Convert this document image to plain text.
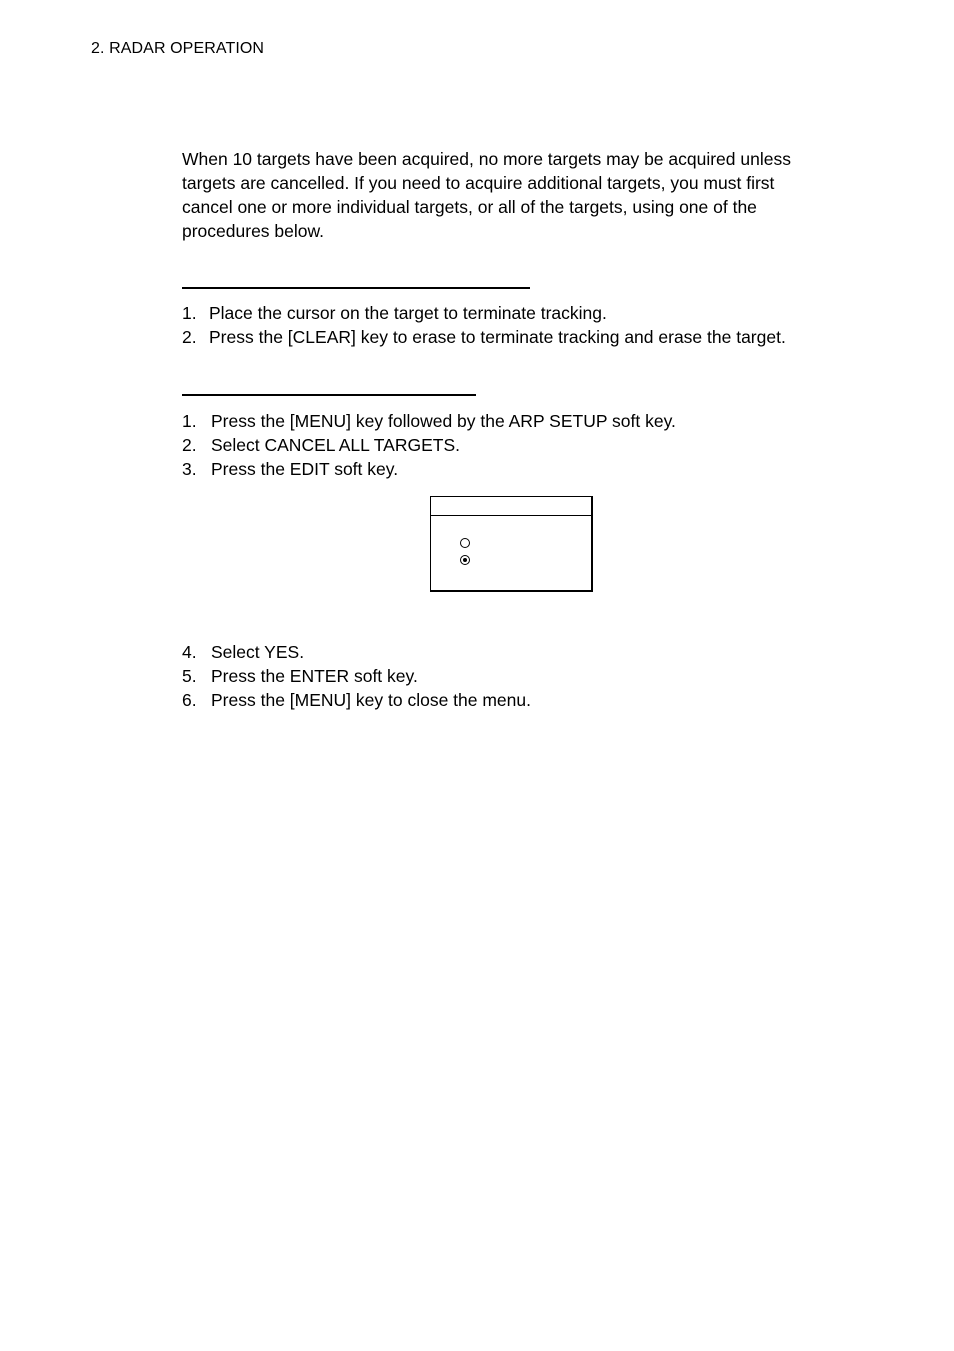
2. RADAR OPERATION

When 10 targets have been acquired, no more targets may be acquired unless
targets are cancelled. If you need to acquire additional targets, you must first
cancel one or more individual targets, or all of the targets, using one of the
procedures below.

1. Place the cursor on the target to terminate tracking.
2. Press the [CLEAR] key to erase to terminate tracking and erase the target.
1. Press the [MENU] key followed by the ARP SETUP soft key.
2. Select CANCEL ALL TARGETS.
3. Press the EDIT soft key.
4. Select YES.
5. Press the ENTER soft key.
6. Press the [MENU] key to close the menu.
